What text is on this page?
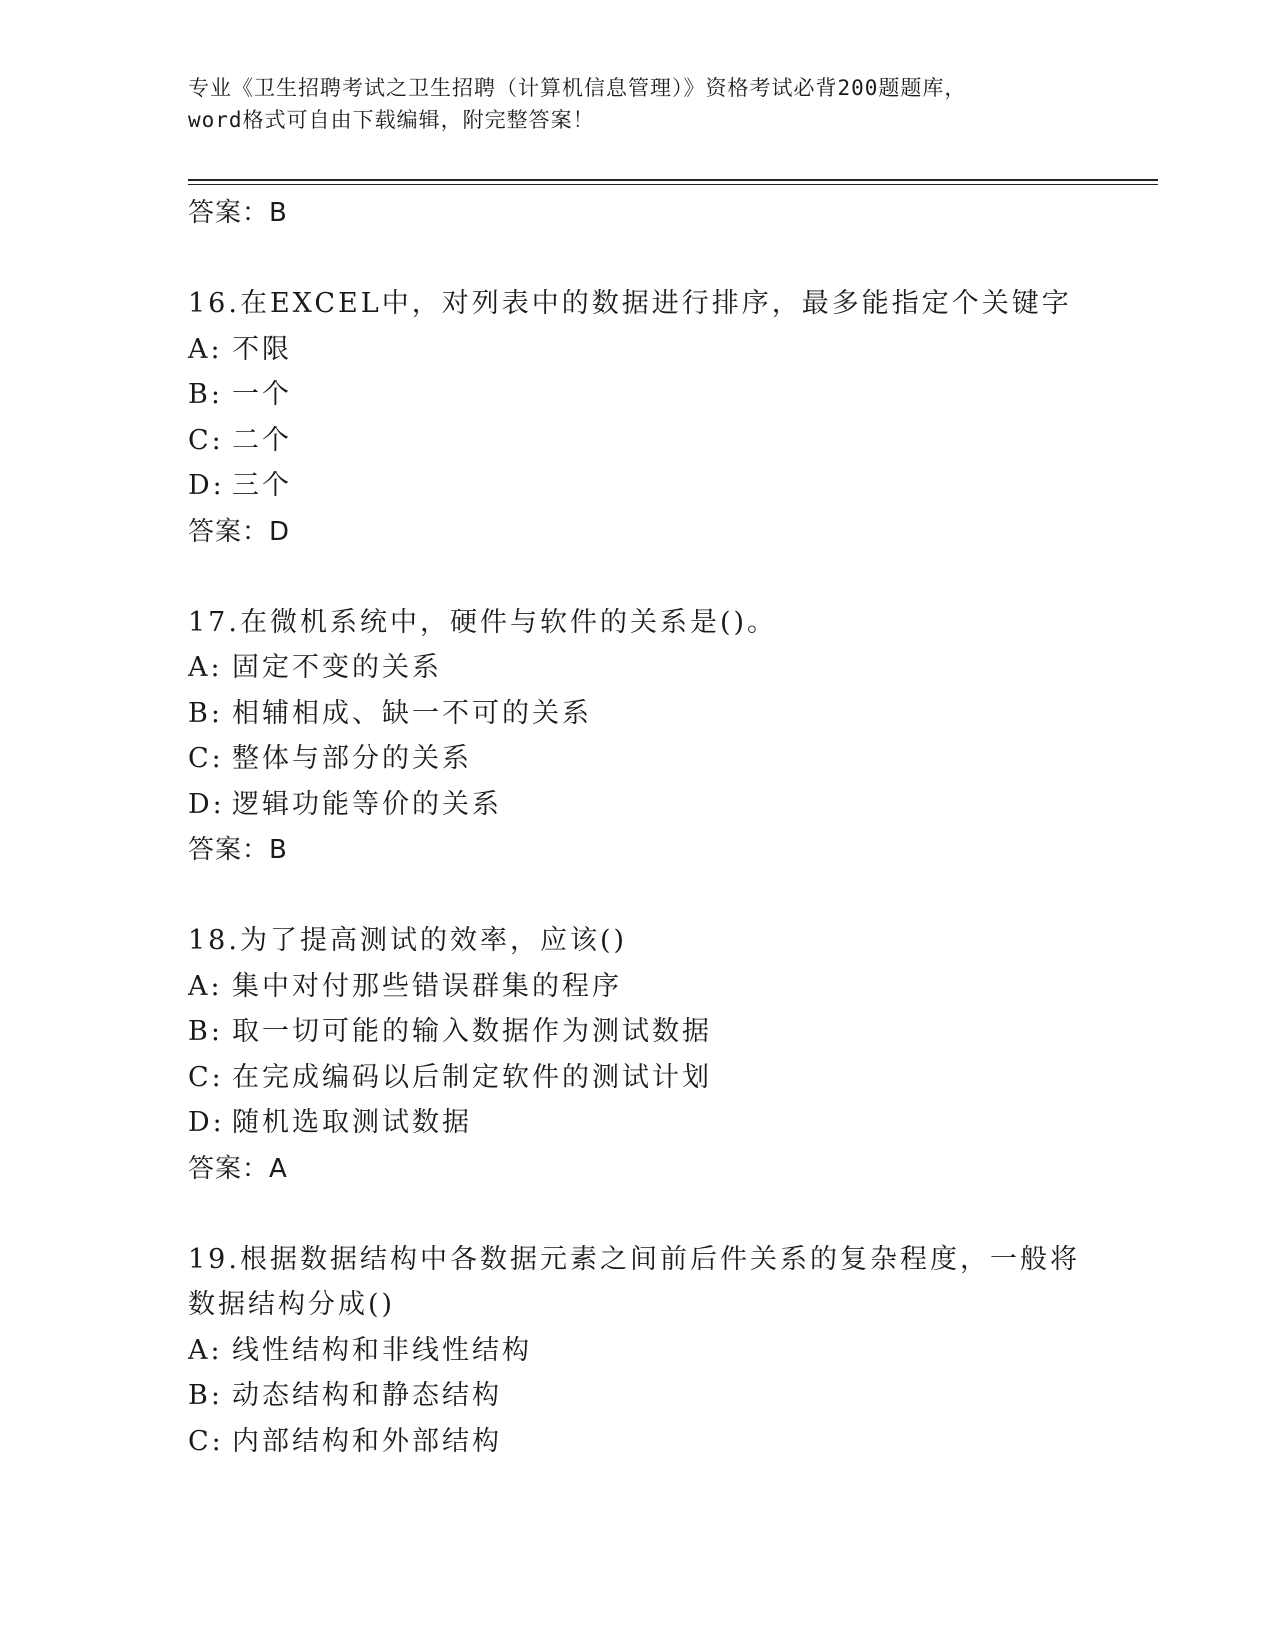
专业《卫生招聘考试之卫生招聘（计算机信息管理）》资格考试必背200题题库，
word格式可自由下载编辑，附完整答案！

答案：B

16.在EXCEL中，对列表中的数据进行排序，最多能指定个关键字

A: 不限
B: 一个
C: 二个
D: 三个

答案：D

17.在微机系统中，硬件与软件的关系是()。

A: 固定不变的关系
B: 相辅相成、缺一不可的关系
C: 整体与部分的关系
D: 逻辑功能等价的关系

答案：B

18.为了提高测试的效率，应该()

A: 集中对付那些错误群集的程序
B: 取一切可能的输入数据作为测试数据
C: 在完成编码以后制定软件的测试计划
D: 随机选取测试数据

答案：A

19.根据数据结构中各数据元素之间前后件关系的复杂程度，一般将数据结构分成()

A: 线性结构和非线性结构
B: 动态结构和静态结构
C: 内部结构和外部结构
